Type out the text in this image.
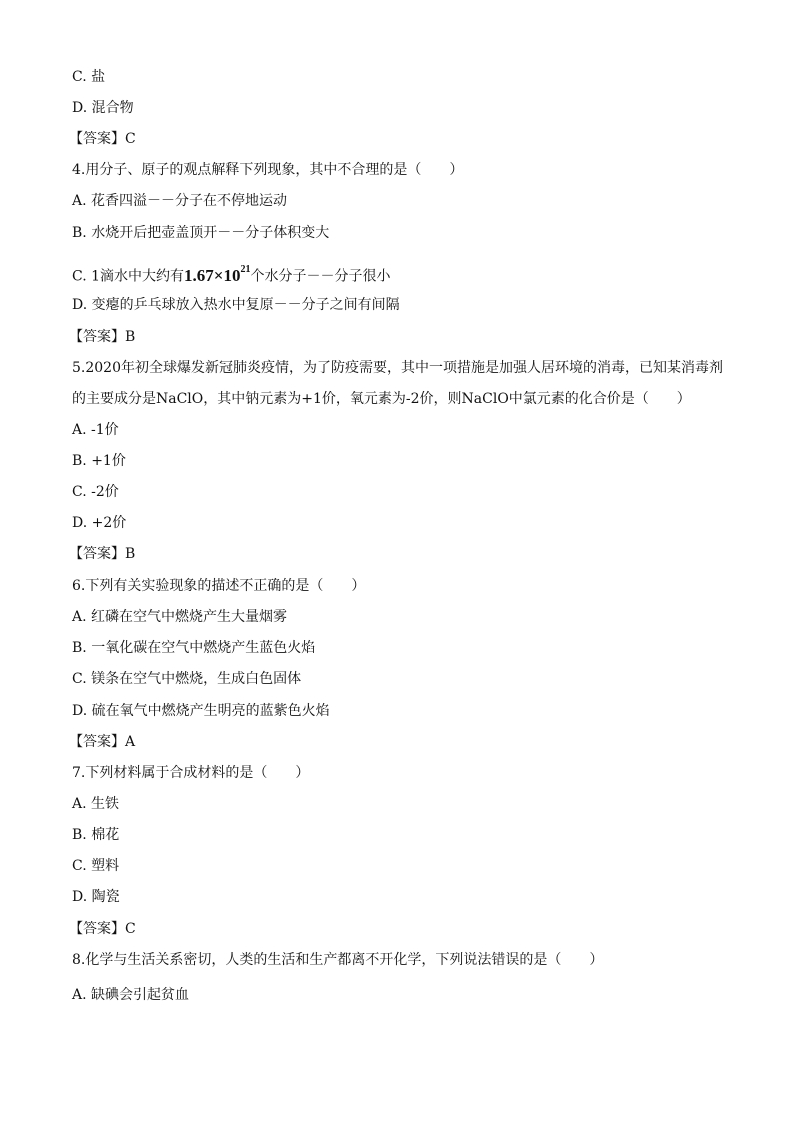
C. 盐
D. 混合物
【答案】C
4.用分子、原子的观点解释下列现象，其中不合理的是（　　）
A. 花香四溢－－分子在不停地运动
B. 水烧开后把壶盖顶开－－分子体积变大
C. 1滴水中大约有$1.67\times 10^{21}$个水分子－－分子很小
D. 变瘪的乒乓球放入热水中复原－－分子之间有间隔
【答案】B
5.2020年初全球爆发新冠肺炎疫情，为了防疫需要，其中一项措施是加强人居环境的消毒，已知某消毒剂
的主要成分是NaClO，其中钠元素为+1价，氧元素为-2价，则NaClO中氯元素的化合价是（　　）
A. -1价
B. +1价
C. -2价
D. +2价
【答案】B
6.下列有关实验现象的描述不正确的是（　　）
A. 红磷在空气中燃烧产生大量烟雾
B. 一氧化碳在空气中燃烧产生蓝色火焰
C. 镁条在空气中燃烧，生成白色固体
D. 硫在氧气中燃烧产生明亮的蓝紫色火焰
【答案】A
7.下列材料属于合成材料的是（　　）
A. 生铁
B. 棉花
C. 塑料
D. 陶瓷
【答案】C
8.化学与生活关系密切，人类的生活和生产都离不开化学，下列说法错误的是（　　）
A. 缺碘会引起贫血
